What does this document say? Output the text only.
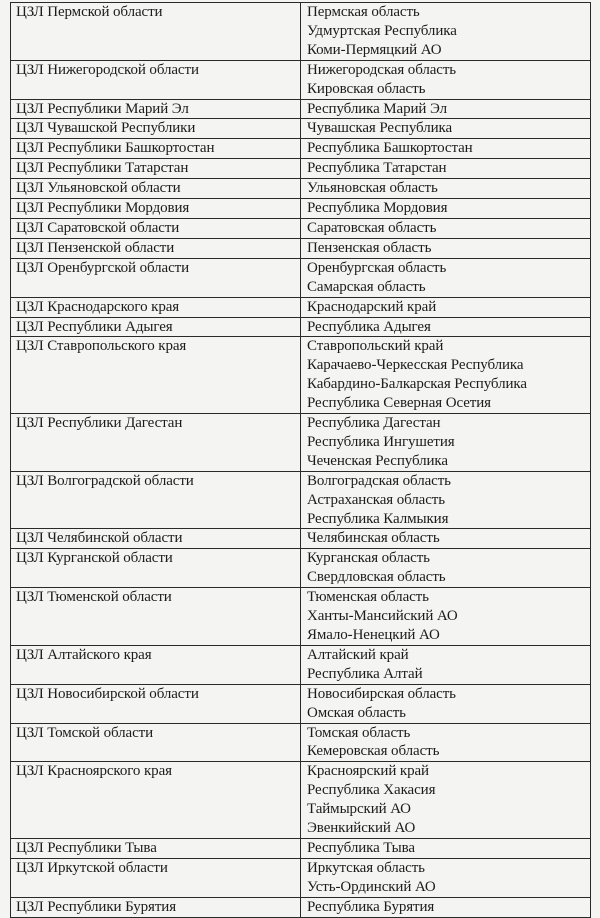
ЦЗЛ Пермской области	Пермская область
Удмуртская Республика
Коми-Пермяцкий АО

ЦЗЛ Нижегородской области	Нижегородская область
Кировская область

ЦЗЛ Республики Марий Эл	Республика Марий Эл

ЦЗЛ Чувашской Республики	Чувашская Республика

ЦЗЛ Республики Башкортостан	Республика Башкортостан

ЦЗЛ Республики Татарстан	Республика Татарстан

ЦЗЛ Ульяновской области	Ульяновская область

ЦЗЛ Республики Мордовия	Республика Мордовия

ЦЗЛ Саратовской области	Саратовская область

ЦЗЛ Пензенской области	Пензенская область

ЦЗЛ Оренбургской области	Оренбургская область
Самарская область

ЦЗЛ Краснодарского края	Краснодарский край

ЦЗЛ Республики Адыгея	Республика Адыгея

ЦЗЛ Ставропольского края	Ставропольский край
Карачаево-Черкесская Республика
Кабардино-Балкарская Республика
Республика Северная Осетия

ЦЗЛ Республики Дагестан	Республика Дагестан
Республика Ингушетия
Чеченская Республика

ЦЗЛ Волгоградской области	Волгоградская область
Астраханская область
Республика Калмыкия

ЦЗЛ Челябинской области	Челябинская область

ЦЗЛ Курганской области	Курганская область
Свердловская область

ЦЗЛ Тюменской области	Тюменская область
Ханты-Мансийский АО
Ямало-Ненецкий АО

ЦЗЛ Алтайского края	Алтайский край
Республика Алтай

ЦЗЛ Новосибирской области	Новосибирская область
Омская область

ЦЗЛ Томской области	Томская область
Кемеровская область

ЦЗЛ Красноярского края	Красноярский край
Республика Хакасия
Таймырский АО
Эвенкийский АО

ЦЗЛ Республики Тыва	Республика Тыва

ЦЗЛ Иркутской области	Иркутская область
Усть-Ординский АО

ЦЗЛ Республики Бурятия	Республика Бурятия
